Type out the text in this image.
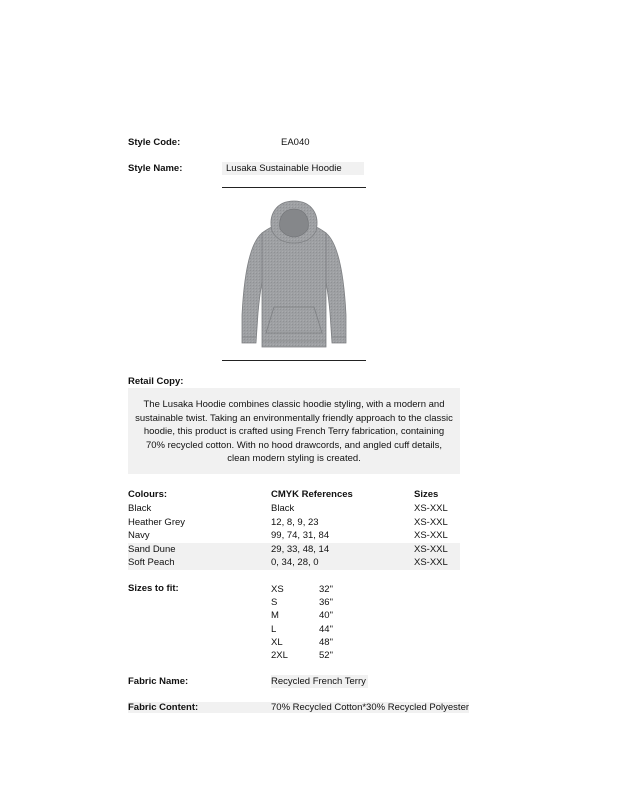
Style Code:	EA040
Style Name:	Lusaka Sustainable Hoodie
Retail Copy:
The Lusaka Hoodie combines classic hoodie styling, with a modern and sustainable twist. Taking an environmentally friendly approach to the classic hoodie, this product is crafted using French Terry fabrication, containing 70% recycled cotton. With no hood drawcords, and angled cuff details, clean modern styling is created.
Colours:	CMYK References	Sizes
Black	Black	XS-XXL
Heather Grey	12, 8, 9, 23	XS-XXL
Navy	99, 74, 31, 84	XS-XXL
Sand Dune	29, 33, 48, 14	XS-XXL
Soft Peach	0, 34, 28, 0	XS-XXL
Sizes to fit:	XS	32"
S	36"
M	40"
L	44"
XL	48"
2XL	52"
Fabric Name:	Recycled French Terry
Fabric Content:	70% Recycled Cotton*30% Recycled Polyester
